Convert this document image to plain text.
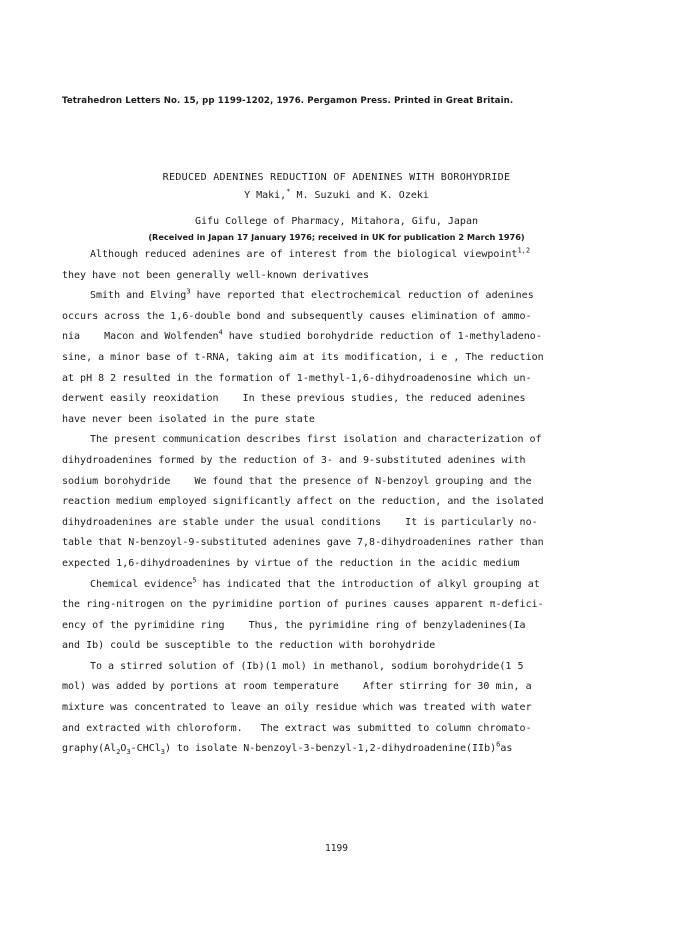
Tetrahedron Letters No. 15, pp 1199-1202, 1976. Pergamon Press. Printed in Great Britain.
REDUCED ADENINES REDUCTION OF ADENINES WITH BOROHYDRIDE
Y Maki,* M. Suzuki and K. Ozeki
Gifu College of Pharmacy, Mitahora, Gifu, Japan
(Received in Japan 17 January 1976; received in UK for publication 2 March 1976)
Although reduced adenines are of interest from the biological viewpoint$^{1,2}$
they have not been generally well-known derivatives
Smith and Elving$^3$ have reported that electrochemical reduction of adenines
occurs across the 1,6-double bond and subsequently causes elimination of ammo-
nia    Macon and Wolfenden$^4$ have studied borohydride reduction of 1-methyladeno-
sine, a minor base of t-RNA, taking aim at its modification, i e , The reduction
at pH 8 2 resulted in the formation of 1-methyl-1,6-dihydroadenosine which un-
derwent easily reoxidation    In these previous studies, the reduced adenines
have never been isolated in the pure state
The present communication describes first isolation and characterization of
dihydroadenines formed by the reduction of 3- and 9-substituted adenines with
sodium borohydride    We found that the presence of N-benzoyl grouping and the
reaction medium employed significantly affect on the reduction, and the isolated
dihydroadenines are stable under the usual conditions    It is particularly no-
table that N-benzoyl-9-substituted adenines gave 7,8-dihydroadenines rather than
expected 1,6-dihydroadenines by virtue of the reduction in the acidic medium
Chemical evidence$^5$ has indicated that the introduction of alkyl grouping at
the ring-nitrogen on the pyrimidine portion of purines causes apparent π-defici-
ency of the pyrimidine ring    Thus, the pyrimidine ring of benzyladenines(Ia
and Ib) could be susceptible to the reduction with borohydride
To a stirred solution of (Ib)(1 mol) in methanol, sodium borohydride(1 5
mol) was added by portions at room temperature    After stirring for 30 min, a
mixture was concentrated to leave an oily residue which was treated with water
and extracted with chloroform.   The extract was submitted to column chromato-
$graphy(Al_2O_3-CHCl_3)$ to isolate N-benzoyl-3-benzyl-1,2-dihydroadenine(IIb)$^6$as
1199
